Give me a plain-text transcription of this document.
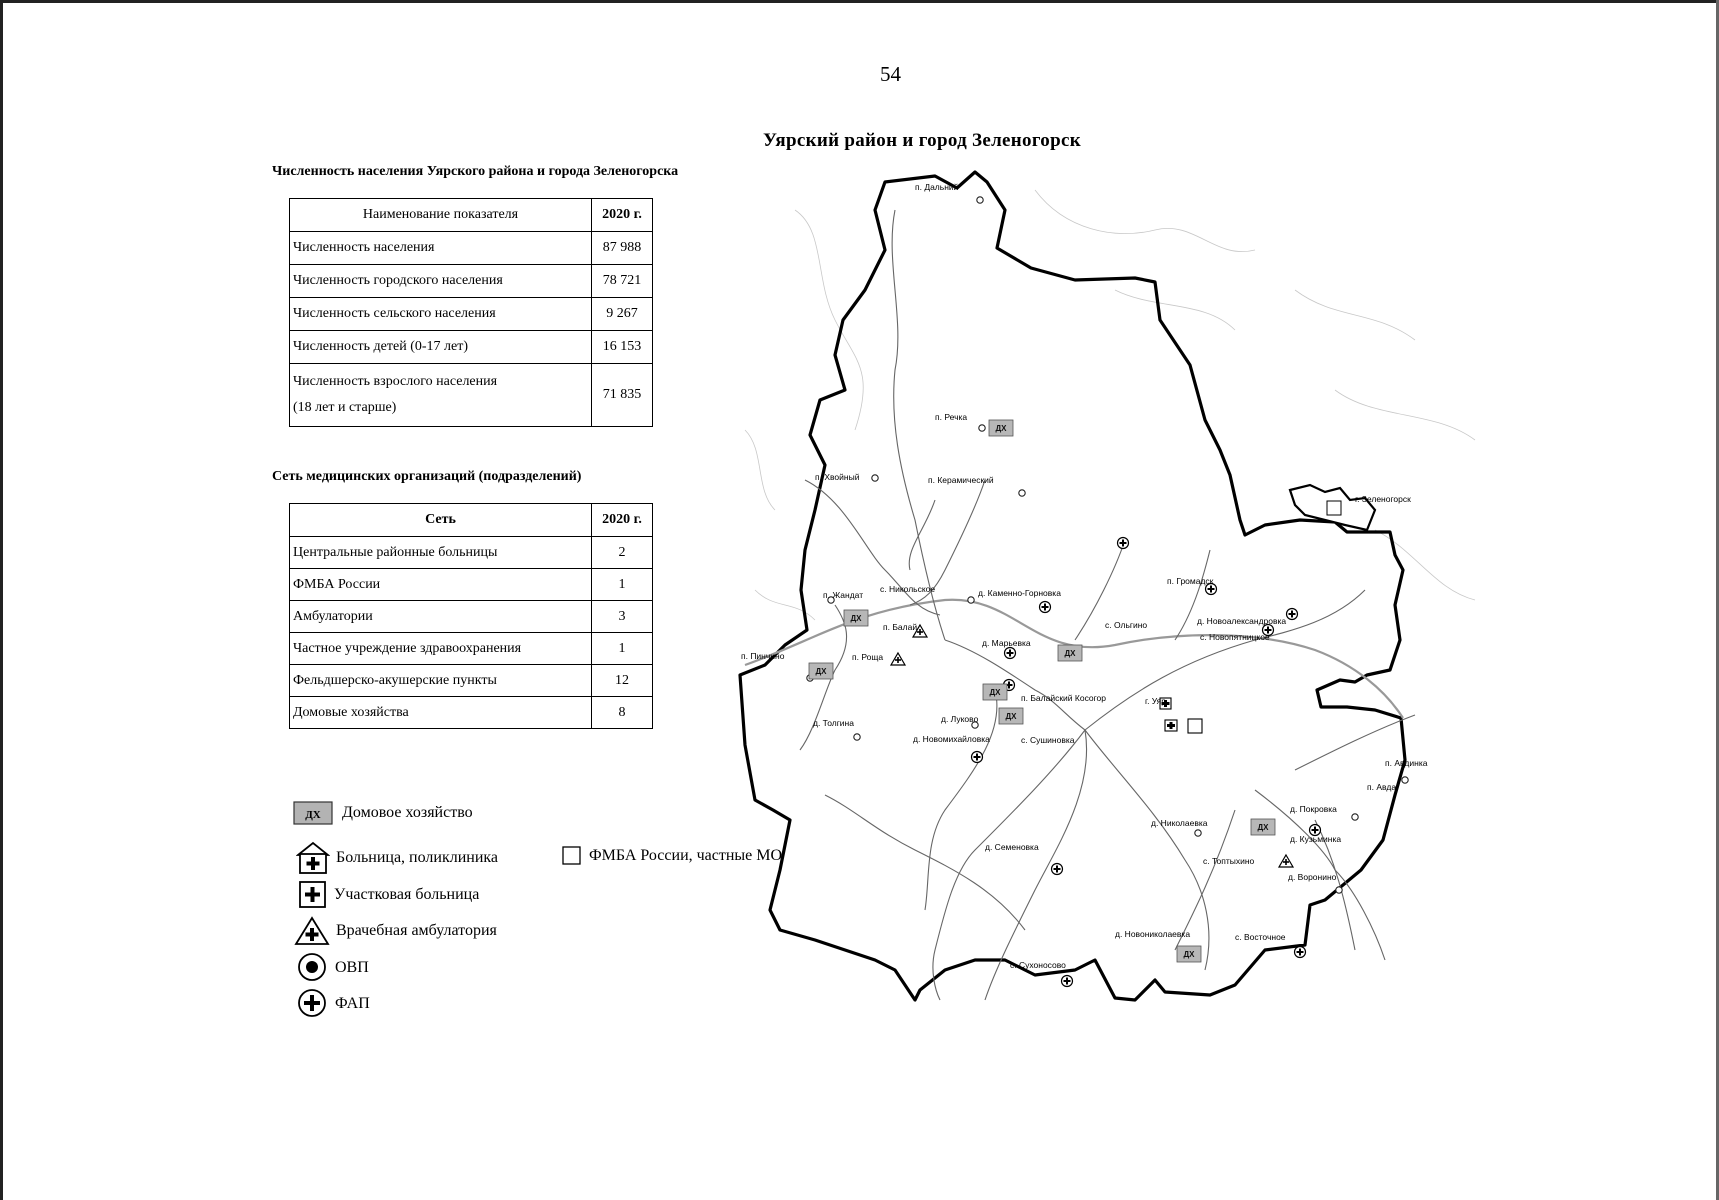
54
Уярский район и город Зеленогорск
Численность населения Уярского района и города Зеленогорска
Наименование показателя	2020 г.
Численность населения	87 988
Численность городского населения	78 721
Численность сельского населения	9 267
Численность детей (0-17 лет)	16 153

Численность взрослого населения
(18 лет и старше)	71 835
Сеть медицинских организаций (подразделений)
Сеть	2020 г.
Центральные районные больницы	2
ФМБА России	1
Амбулатории	3
Частное учреждение здравоохранения	1
Фельдшерско-акушерские пункты	12
Домовые хозяйства	8
ДХ Домовое хозяйство
Больница, поликлиника	ФМБА России, частные МО
Участковая больница
Врачебная амбулатория
ОВП
ФАП
ДХ
ДХ
ДХ
ДХ
ДХ
ДХ
ДХ
ДХ
п. Дальний
п. Речка
п. Хвойный	п. Керамический
г. Зеленогорск
п. Громадск
с. Никольское	д. Каменно-Горновка
п. Жандат
п. Балай
д. Марьевка
с. Ольгино	д. Новоалександровка
с. Новопятницкое
п. Пинчино	п. Роща
п. Балайский Косогор	г. Уяр
д. Толгина	д. Луково
д. Новомихайловка	с. Сушиновка
п. Авдинка
п. Авда
д. Покровка
д. Николаевка
д. Кузьминка
д. Семеновка
с. Топтыхино
д. Воронино
д. Новониколаевка	с. Восточное
с. Сухоносово
